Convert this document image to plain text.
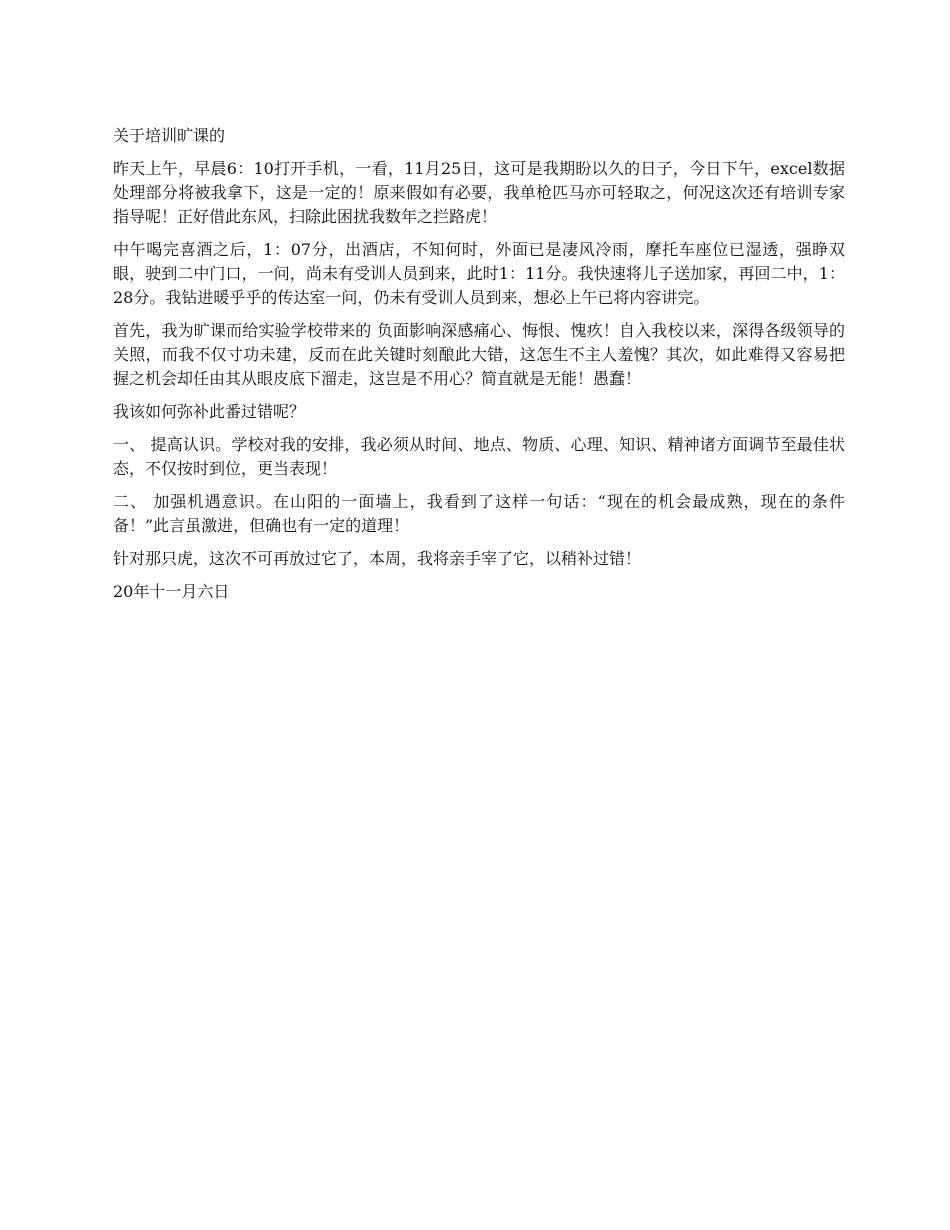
关于培训旷课的

昨天上午，早晨6：10打开手机，一看，11月25日，这可是我期盼以久的日子，今日下午，excel数据处理部分将被我拿下，这是一定的！原来假如有必要，我单枪匹马亦可轻取之，何况这次还有培训专家指导呢！正好借此东风，扫除此困扰我数年之拦路虎！

中午喝完喜酒之后，1：07分，出酒店，不知何时，外面已是凄风冷雨，摩托车座位已湿透，强睁双眼，驶到二中门口，一问，尚未有受训人员到来，此时1：11分。我快速将儿子送加家，再回二中，1：28分。我钻进暖乎乎的传达室一问，仍未有受训人员到来，想必上午已将内容讲完。

首先，我为旷课而给实验学校带来的 负面影响深感痛心、悔恨、愧疚！自入我校以来，深得各级领导的关照，而我不仅寸功未建，反而在此关键时刻酿此大错，这怎生不主人羞愧？其次，如此难得又容易把握之机会却任由其从眼皮底下溜走，这岂是不用心？简直就是无能！愚蠢！

我该如何弥补此番过错呢？

一、 提高认识。学校对我的安排，我必须从时间、地点、物质、心理、知识、精神诸方面调节至最佳状态，不仅按时到位，更当表现！

二、 加强机遇意识。在山阳的一面墙上，我看到了这样一句话：“现在的机会最成熟，现在的条件备！”此言虽激进，但确也有一定的道理！

针对那只虎，这次不可再放过它了，本周，我将亲手宰了它，以稍补过错！

20年十一月六日
